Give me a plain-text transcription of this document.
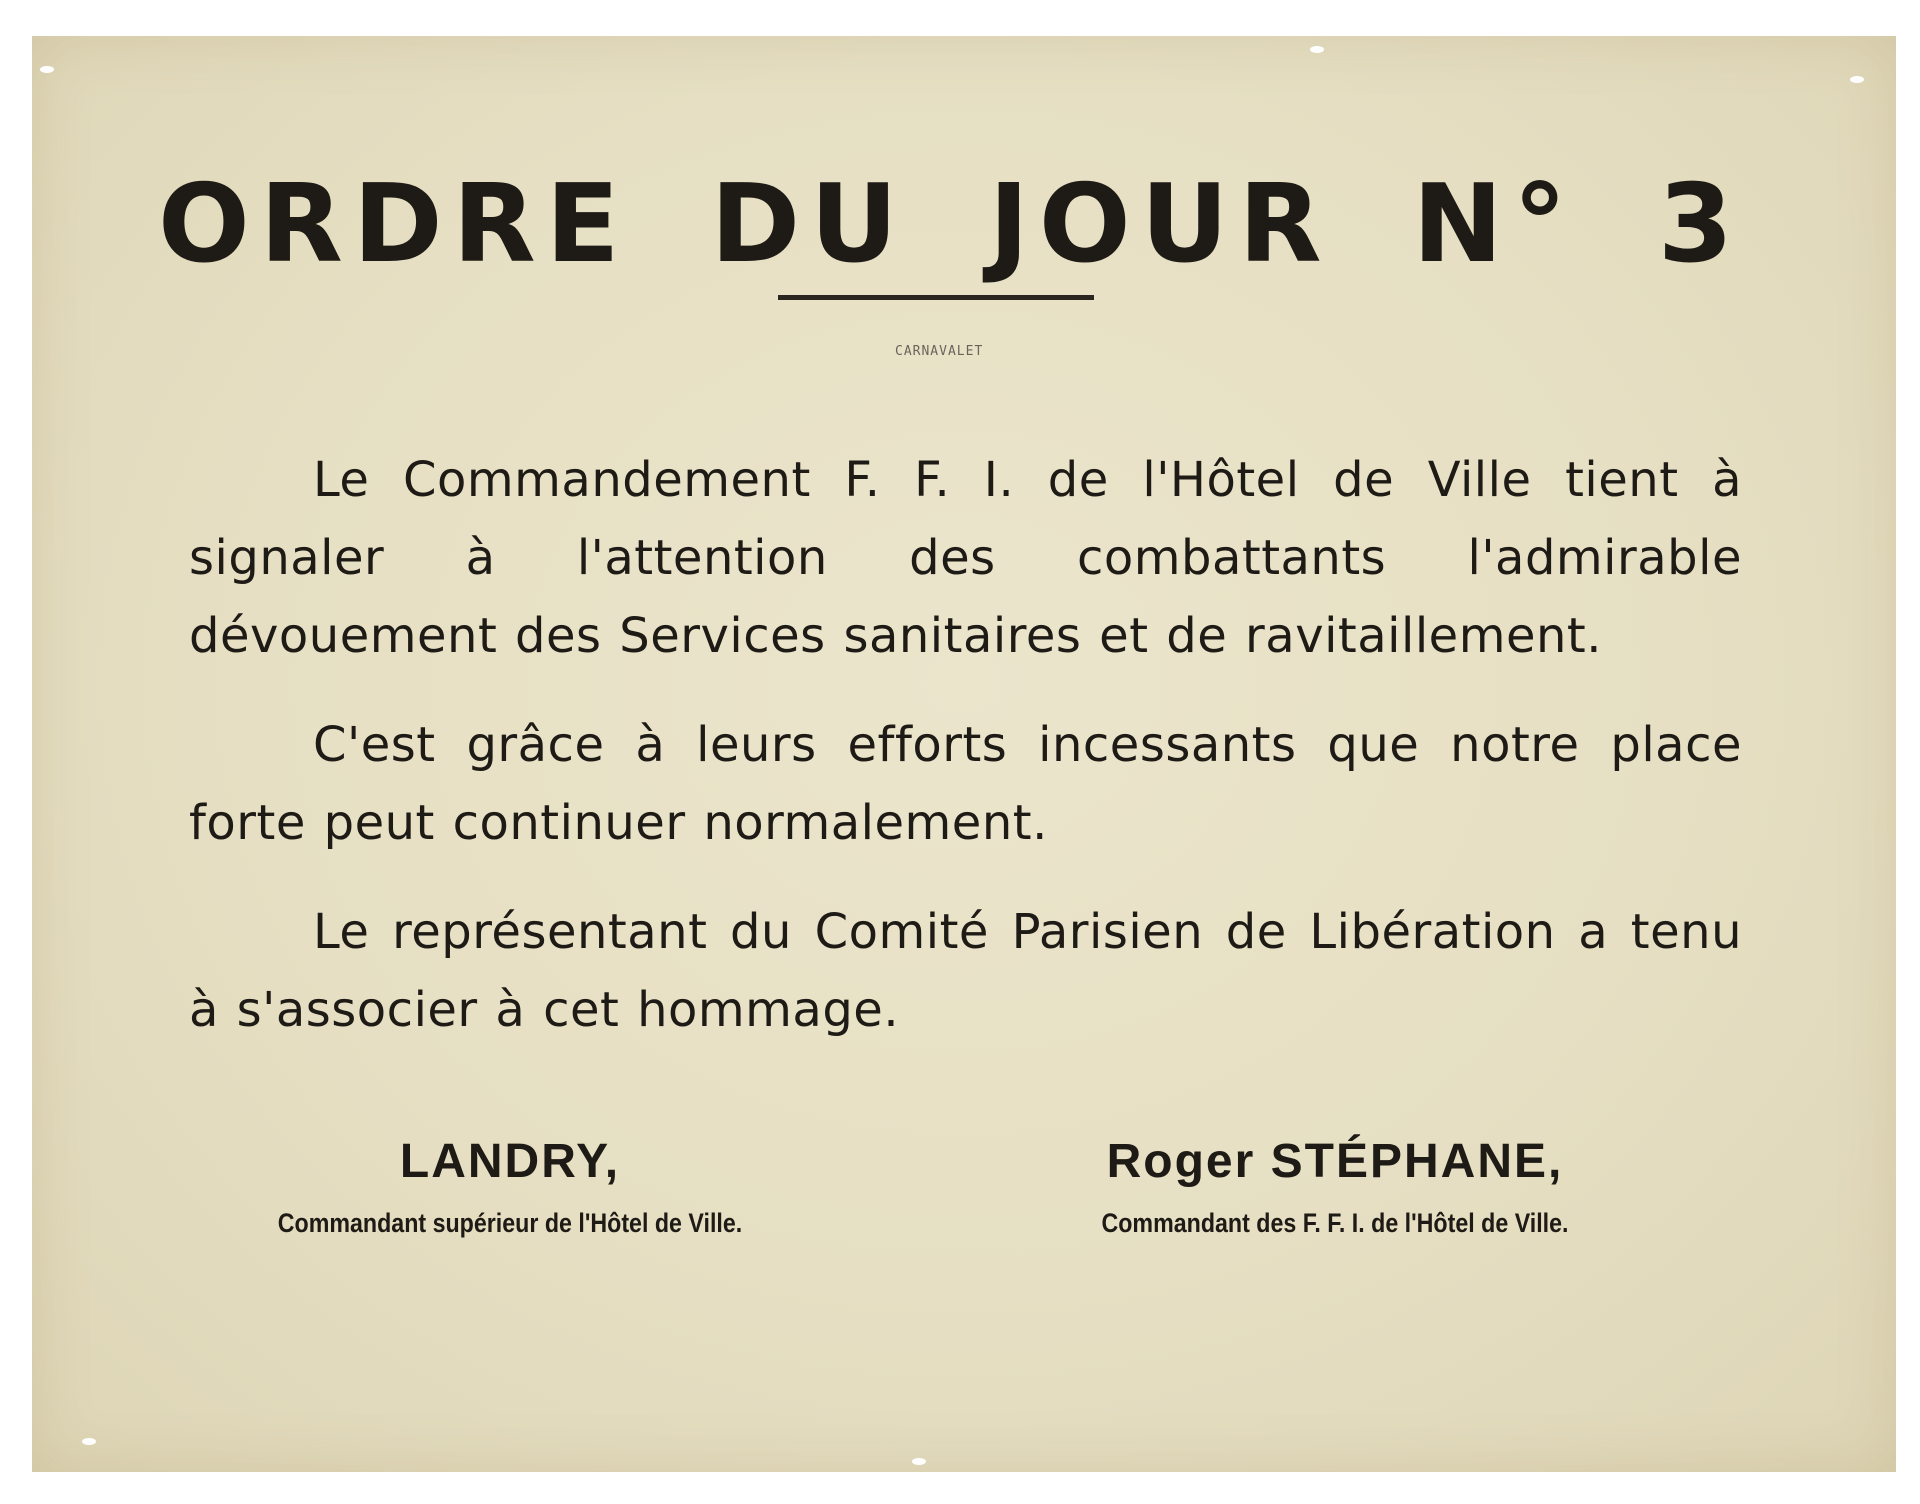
ORDRE DU JOUR N° 3
CARNAVALET

Le Commandement F. F. I. de l'Hôtel de Ville tient à signaler à l'attention des combattants l'admirable dévouement des Services sanitaires et de ravitaillement.

C'est grâce à leurs efforts incessants que notre place forte peut continuer normalement.

Le représentant du Comité Parisien de Libération a tenu à s'associer à cet hommage.

LANDRY,
Commandant supérieur de l'Hôtel de Ville.
Roger STÉPHANE,
Commandant des F. F. I. de l'Hôtel de Ville.
